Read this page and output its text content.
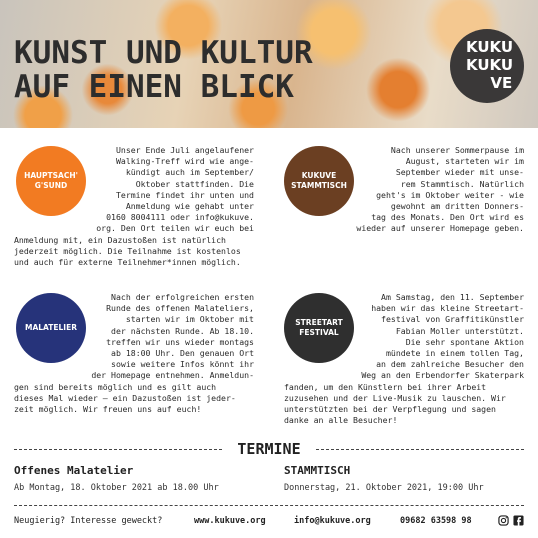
KUNST UND KULTUR
AUF EINEN BLICK
KU KU
KU KU
VE
HAUPTSACH'
G'SUND
Unser Ende Juli angelaufener
Walking-Treff wird wie ange-
kündigt auch im September/
Oktober stattfinden. Die
Termine findet ihr unten und
Anmeldung wie gehabt unter
0160 8004111 oder info@kukuve.
org. Den Ort teilen wir euch bei
Anmeldung mit, ein Dazustoßen ist natürlich
jederzeit möglich. Die Teilnahme ist kostenlos
und auch für externe Teilnehmer*innen möglich.
KUKUVE
STAMMTISCH
Nach unserer Sommerpause im
August, starteten wir im
September wieder mit unse-
rem Stammtisch. Natürlich
geht's im Oktober weiter - wie
gewohnt am dritten Donners-
tag des Monats. Den Ort wird es
wieder auf unserer Homepage geben.
MALATELIER
Nach der erfolgreichen ersten
Runde des offenen Malateliers,
starten wir im Oktober mit
der nächsten Runde. Ab 18.10.
treffen wir uns wieder montags
ab 18:00 Uhr. Den genauen Ort
sowie weitere Infos könnt ihr
der Homepage entnehmen. Anmeldun-
gen sind bereits möglich und es gilt auch
dieses Mal wieder – ein Dazustoßen ist jeder-
zeit möglich. Wir freuen uns auf euch!
STREETART
FESTIVAL
Am Samstag, den 11. September
haben wir das kleine Streetart-
festival von Graffitikünstler
Fabian Moller unterstützt.
Die sehr spontane Aktion
mündete in einem tollen Tag,
an dem zahlreiche Besucher den
Weg an den Erbendorfer Skaterpark
fanden, um den Künstlern bei ihrer Arbeit
zuzusehen und der Live-Musik zu lauschen. Wir
unterstützten bei der Verpflegung und sagen
danke an alle Besucher!
TERMINE
Offenes Malatelier
Ab Montag, 18. Oktober 2021 ab 18.00 Uhr
STAMMTISCH
Donnerstag, 21. Oktober 2021, 19:00 Uhr
Neugierig? Interesse geweckt?	www.kukuve.org	info@kukuve.org	09682 63598 98
